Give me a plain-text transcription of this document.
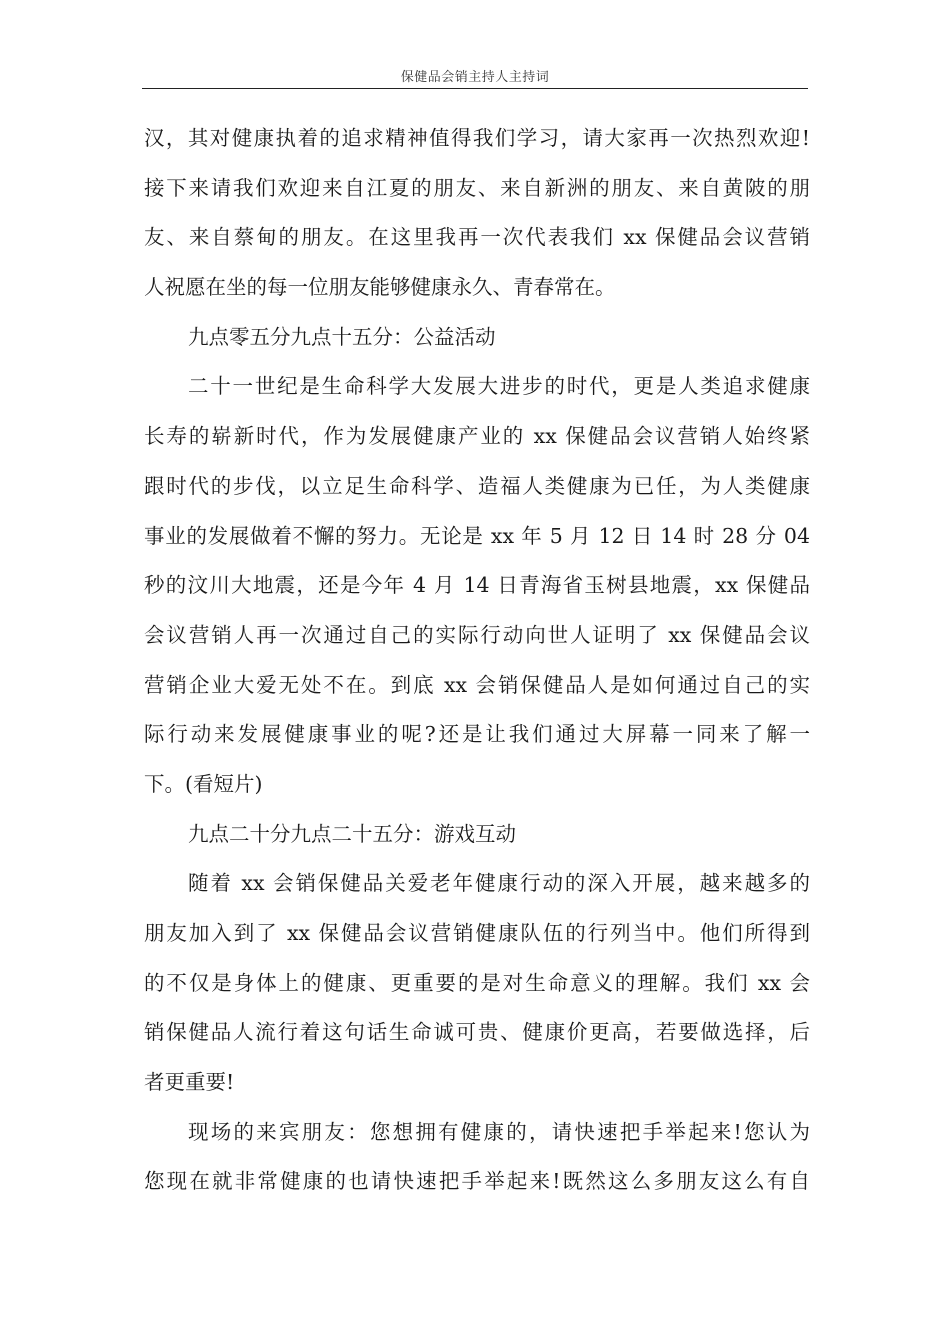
保健品会销主持人主持词
汉，其对健康执着的追求精神值得我们学习，请大家再一次热烈欢迎!
接下来请我们欢迎来自江夏的朋友、来自新洲的朋友、来自黄陂的朋
友、来自蔡甸的朋友。在这里我再一次代表我们 xx 保健品会议营销
人祝愿在坐的每一位朋友能够健康永久、青春常在。
九点零五分九点十五分：公益活动
二十一世纪是生命科学大发展大进步的时代，更是人类追求健康
长寿的崭新时代，作为发展健康产业的 xx 保健品会议营销人始终紧
跟时代的步伐，以立足生命科学、造福人类健康为已任，为人类健康
事业的发展做着不懈的努力。无论是 xx 年 5 月 12 日 14 时 28 分 04
秒的汶川大地震，还是今年 4 月 14 日青海省玉树县地震，xx 保健品
会议营销人再一次通过自己的实际行动向世人证明了 xx 保健品会议
营销企业大爱无处不在。到底 xx 会销保健品人是如何通过自己的实
际行动来发展健康事业的呢?还是让我们通过大屏幕一同来了解一
下。(看短片)
九点二十分九点二十五分：游戏互动
随着 xx 会销保健品关爱老年健康行动的深入开展，越来越多的
朋友加入到了 xx 保健品会议营销健康队伍的行列当中。他们所得到
的不仅是身体上的健康、更重要的是对生命意义的理解。我们 xx 会
销保健品人流行着这句话生命诚可贵、健康价更高，若要做选择，后
者更重要!
现场的来宾朋友：您想拥有健康的，请快速把手举起来!您认为
您现在就非常健康的也请快速把手举起来!既然这么多朋友这么有自
